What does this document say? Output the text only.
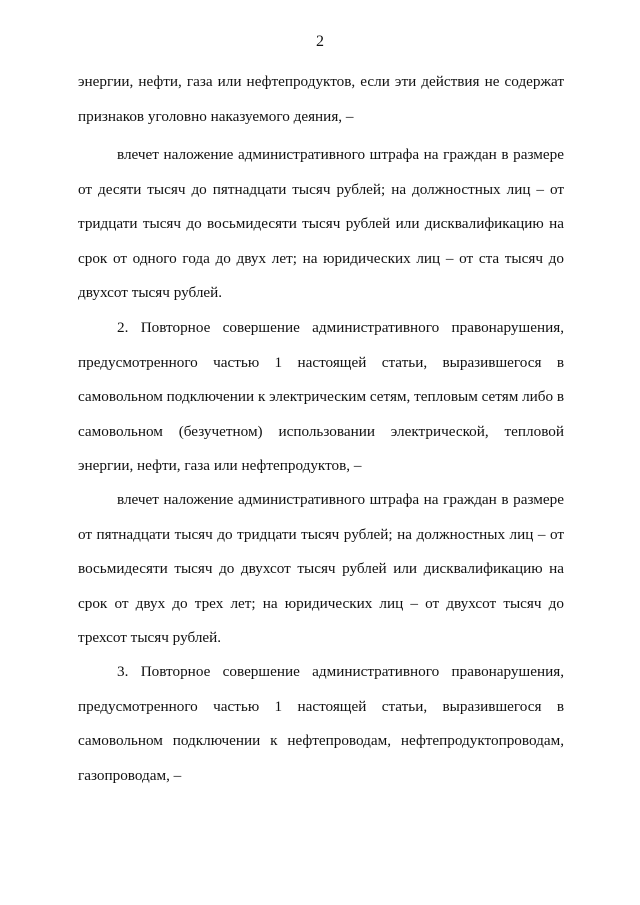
2
энергии, нефти, газа или нефтепродуктов, если эти действия не содержат
признаков уголовно наказуемого деяния, –
влечет наложение административного штрафа на граждан в размере
от десяти тысяч до пятнадцати тысяч рублей; на должностных лиц – от
тридцати тысяч до восьмидесяти тысяч рублей или дисквалификацию на
срок от одного года до двух лет; на юридических лиц – от ста тысяч до
двухсот тысяч рублей.
2. Повторное совершение административного правонарушения,
предусмотренного частью 1 настоящей статьи, выразившегося в
самовольном подключении к электрическим сетям, тепловым сетям либо в
самовольном (безучетном) использовании электрической, тепловой
энергии, нефти, газа или нефтепродуктов, –
влечет наложение административного штрафа на граждан в размере
от пятнадцати тысяч до тридцати тысяч рублей; на должностных лиц – от
восьмидесяти тысяч до двухсот тысяч рублей или дисквалификацию на
срок от двух до трех лет; на юридических лиц – от двухсот тысяч до
трехсот тысяч рублей.
3. Повторное совершение административного правонарушения,
предусмотренного частью 1 настоящей статьи, выразившегося в
самовольном подключении к нефтепроводам, нефтепродуктопроводам,
газопроводам, –
